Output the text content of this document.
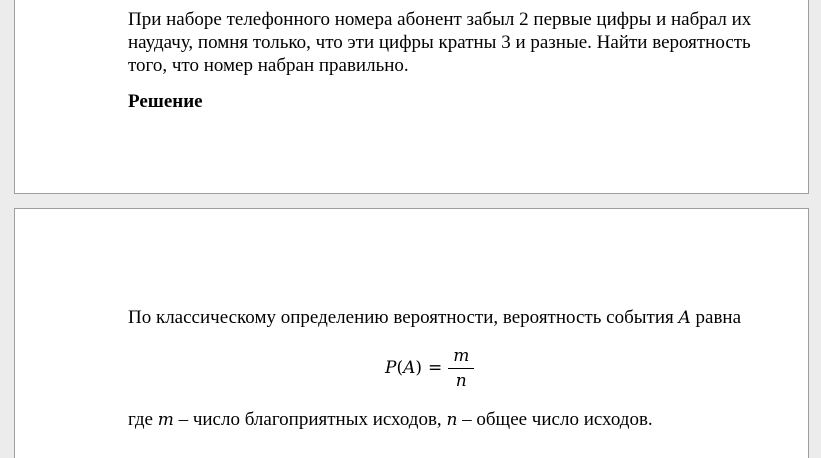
При наборе телефонного номера абонент забыл 2 первые цифры и набрал их наудачу, помня только, что эти цифры кратны 3 и разные. Найти вероятность того, что номер набран правильно.
Решение
По классическому определению вероятности, вероятность события A равна
$P(A) = \frac{m}{n}$
где m – число благоприятных исходов, n – общее число исходов.
